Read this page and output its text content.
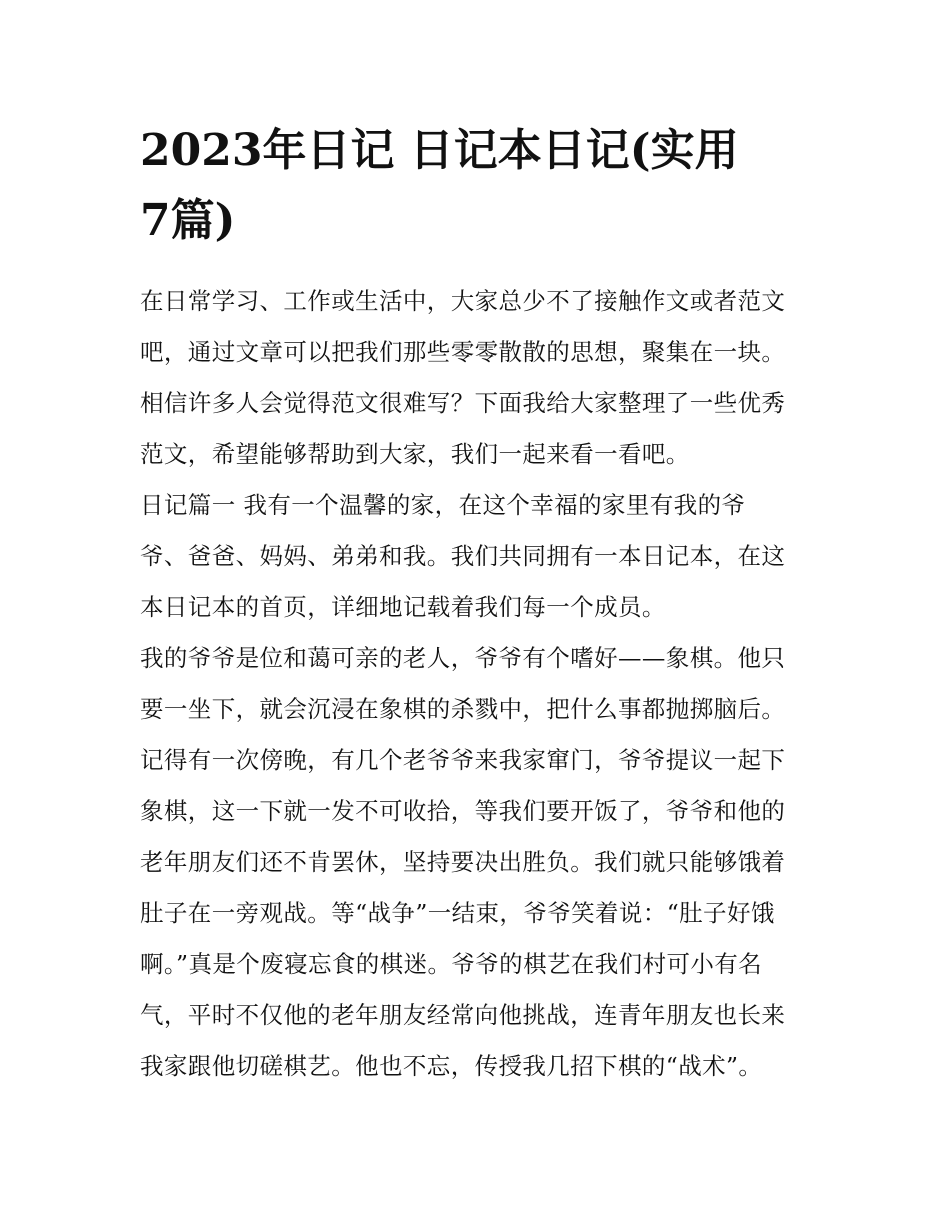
2023年日记 日记本日记(实用
7篇)
在日常学习、工作或生活中，大家总少不了接触作文或者范文
吧，通过文章可以把我们那些零零散散的思想，聚集在一块。
相信许多人会觉得范文很难写？下面我给大家整理了一些优秀
范文，希望能够帮助到大家，我们一起来看一看吧。
日记篇一 我有一个温馨的家，在这个幸福的家里有我的爷
爷、爸爸、妈妈、弟弟和我。我们共同拥有一本日记本，在这
本日记本的首页，详细地记载着我们每一个成员。
我的爷爷是位和蔼可亲的老人，爷爷有个嗜好——象棋。他只
要一坐下，就会沉浸在象棋的杀戮中，把什么事都抛掷脑后。
记得有一次傍晚，有几个老爷爷来我家窜门，爷爷提议一起下
象棋，这一下就一发不可收拾，等我们要开饭了，爷爷和他的
老年朋友们还不肯罢休，坚持要决出胜负。我们就只能够饿着
肚子在一旁观战。等“战争”一结束，爷爷笑着说：“肚子好饿
啊。”真是个废寝忘食的棋迷。爷爷的棋艺在我们村可小有名
气，平时不仅他的老年朋友经常向他挑战，连青年朋友也长来
我家跟他切磋棋艺。他也不忘，传授我几招下棋的“战术”。
